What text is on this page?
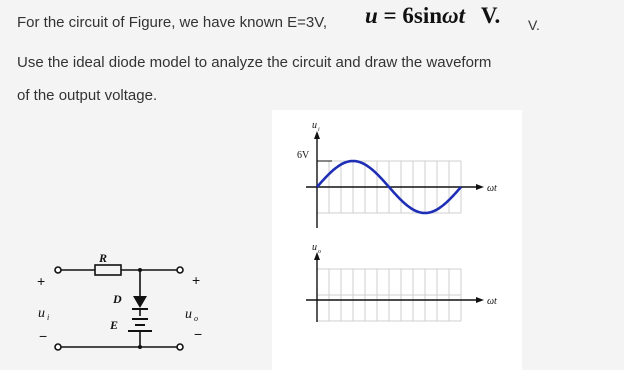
For the circuit of Figure, we have known E=3V, u = 6sinωt V. V.
Use the ideal diode model to analyze the circuit and draw the waveform
of the output voltage.
R
D
E
+
−
u i
+
−
u o
u i
6V
ωt
u o
ωt
